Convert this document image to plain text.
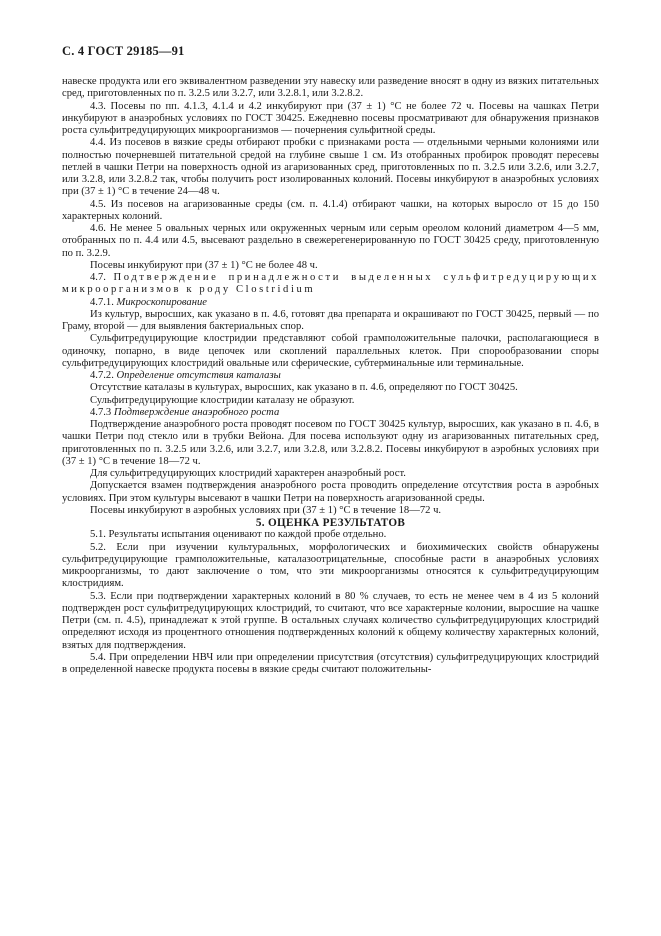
С. 4 ГОСТ 29185—91

навеске продукта или его эквивалентном разведении эту навеску или разведение вносят в одну из вязких питательных сред, приготовленных по п. 3.2.5 или 3.2.7, или 3.2.8.1, или 3.2.8.2.

4.3. Посевы по пп. 4.1.3, 4.1.4 и 4.2 инкубируют при (37 ± 1) °С не более 72 ч. Посевы на чашках Петри инкубируют в анаэробных условиях по ГОСТ 30425. Ежедневно посевы просматривают для обнаружения признаков роста сульфитредуцирующих микроорганизмов — почернения сульфитной среды.

4.4. Из посевов в вязкие среды отбирают пробки с признаками роста — отдельными черными колониями или полностью почерневшей питательной средой на глубине свыше 1 см. Из отобранных пробирок проводят пересевы петлей в чашки Петри на поверхность одной из агаризованных сред, приготовленных по п. 3.2.5 или 3.2.6, или 3.2.7, или 3.2.8, или 3.2.8.2 так, чтобы получить рост изолированных колоний. Посевы инкубируют в анаэробных условиях при (37 ± 1) °С в течение 24—48 ч.

4.5. Из посевов на агаризованные среды (см. п. 4.1.4) отбирают чашки, на которых выросло от 15 до 150 характерных колоний.

4.6. Не менее 5 овальных черных или окруженных черным или серым ореолом колоний диаметром 4—5 мм, отобранных по п. 4.4 или 4.5, высевают раздельно в свежерегенерированную по ГОСТ 30425 среду, приготовленную по п. 3.2.9.

Посевы инкубируют при (37 ± 1) °С не более 48 ч.

4.7. Подтверждение принадлежности выделенных сульфитредуцирующих микроорганизмов к роду Clostridium

4.7.1. Микроскопирование

Из культур, выросших, как указано в п. 4.6, готовят два препарата и окрашивают по ГОСТ 30425, первый — по Граму, второй — для выявления бактериальных спор.

Сульфитредуцирующие клостридии представляют собой грамположительные палочки, располагающиеся в одиночку, попарно, в виде цепочек или скоплений параллельных клеток. При спорообразовании споры сульфитредуцирующих клостридий овальные или сферические, субтерминальные или терминальные.

4.7.2. Определение отсутствия каталазы

Отсутствие каталазы в культурах, выросших, как указано в п. 4.6, определяют по ГОСТ 30425.

Сульфитредуцирующие клостридии каталазу не образуют.

4.7.3 Подтверждение анаэробного роста

Подтверждение анаэробного роста проводят посевом по ГОСТ 30425 культур, выросших, как указано в п. 4.6, в чашки Петри под стекло или в трубки Вейона. Для посева используют одну из агаризованных питательных сред, приготовленных по п. 3.2.5 или 3.2.6, или 3.2.7, или 3.2.8, или 3.2.8.2. Посевы инкубируют в аэробных условиях при (37 ± 1) °С в течение 18—72 ч.

Для сульфитредуцирующих клостридий характерен анаэробный рост.

Допускается взамен подтверждения анаэробного роста проводить определение отсутствия роста в аэробных условиях. При этом культуры высевают в чашки Петри на поверхность агаризованной среды.

Посевы инкубируют в аэробных условиях при (37 ± 1) °С в течение 18—72 ч.

5. ОЦЕНКА РЕЗУЛЬТАТОВ

5.1. Результаты испытания оценивают по каждой пробе отдельно.

5.2. Если при изучении культуральных, морфологических и биохимических свойств обнаружены сульфитредуцирующие грамположительные, каталазоотрицательные, способные расти в анаэробных условиях микроорганизмы, то дают заключение о том, что эти микроорганизмы относятся к сульфитредуцирующим клостридиям.

5.3. Если при подтверждении характерных колоний в 80 % случаев, то есть не менее чем в 4 из 5 колоний подтвержден рост сульфитредуцирующих клостридий, то считают, что все характерные колонии, выросшие на чашке Петри (см. п. 4.5), принадлежат к этой группе. В остальных случаях количество сульфитредуцирующих клостридий определяют исходя из процентного отношения подтвержденных колоний к общему количеству характерных колоний, взятых для подтверждения.

5.4. При определении НВЧ или при определении присутствия (отсутствия) сульфитредуцирующих клостридий в определенной навеске продукта посевы в вязкие среды считают положительны-
